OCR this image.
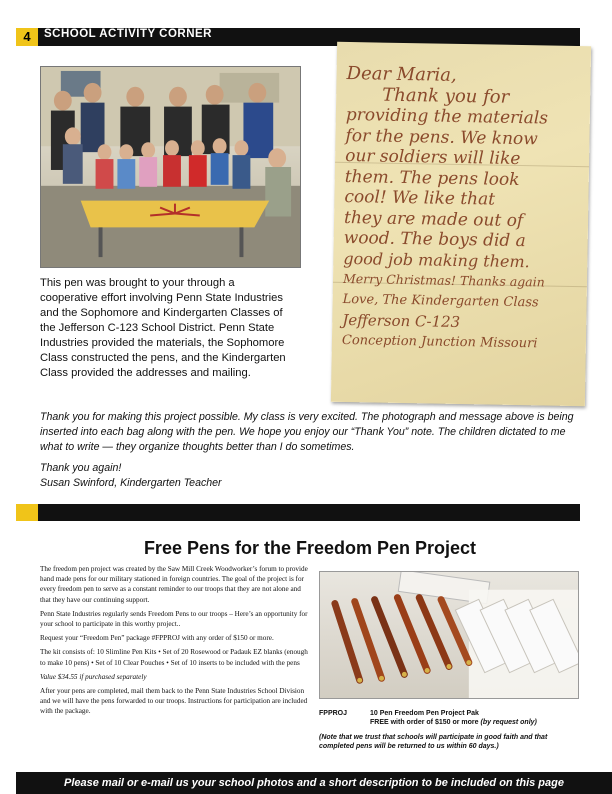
4	SCHOOL ACTIVITY CORNER
This pen was brought to your through a cooperative effort involving Penn State Industries and the Sophomore and Kindergarten Classes of the Jefferson C-123 School District. Penn State Industries provided the materials, the Sophomore Class constructed the pens, and the Kindergarten Class provided the addresses and mailing.
Dear Maria,
Thank you for
providing the materials
for the pens. We know
our soldiers will like
them. The pens look
cool! We like that
they are made out of
wood. The boys did a
good job making them.
Merry Christmas! Thanks again
Love, The Kindergarten Class
Jefferson C-123
Conception Junction Missouri

Thank you for making this project possible. My class is very excited. The photograph and message above is being inserted into each bag along with the pen. We hope you enjoy our “Thank You” note. The children dictated to me what to write — they organize thoughts better than I do sometimes.

Thank you again!

Susan Swinford, Kindergarten Teacher

Free Pens for the Freedom Pen Project

The freedom pen project was created by the Saw Mill Creek Woodworker’s forum to provide hand made pens for our military stationed in foreign countries. The goal of the project is for every freedom pen to serve as a constant reminder to our troops that they are not alone and that they have our continuing support.

Penn State Industries regularly sends Freedom Pens to our troops – Here’s an opportunity for your school to participate in this worthy project..

Request your “Freedom Pen” package #FPPROJ with any order of $150 or more.

The kit consists of: 10 Slimline Pen Kits • Set of 20 Rosewood or Padauk EZ blanks (enough to make 10 pens) • Set of 10 Clear Pouches • Set of 10 inserts to be included with the pens

Value $34.55 if purchased separately

After your pens are completed, mail them back to the Penn State Industries School Division and we will have the pens forwarded to our troops. Instructions for participation are included with the package.	FPPROJ	10 Pen Freedom Pen Project Pak
FREE with order of $150 or more (by request only)
(Note that we trust that schools will participate in good faith and that completed pens will be returned to us within 60 days.)
Please mail or e-mail us your school photos and a short description to be included on this page
